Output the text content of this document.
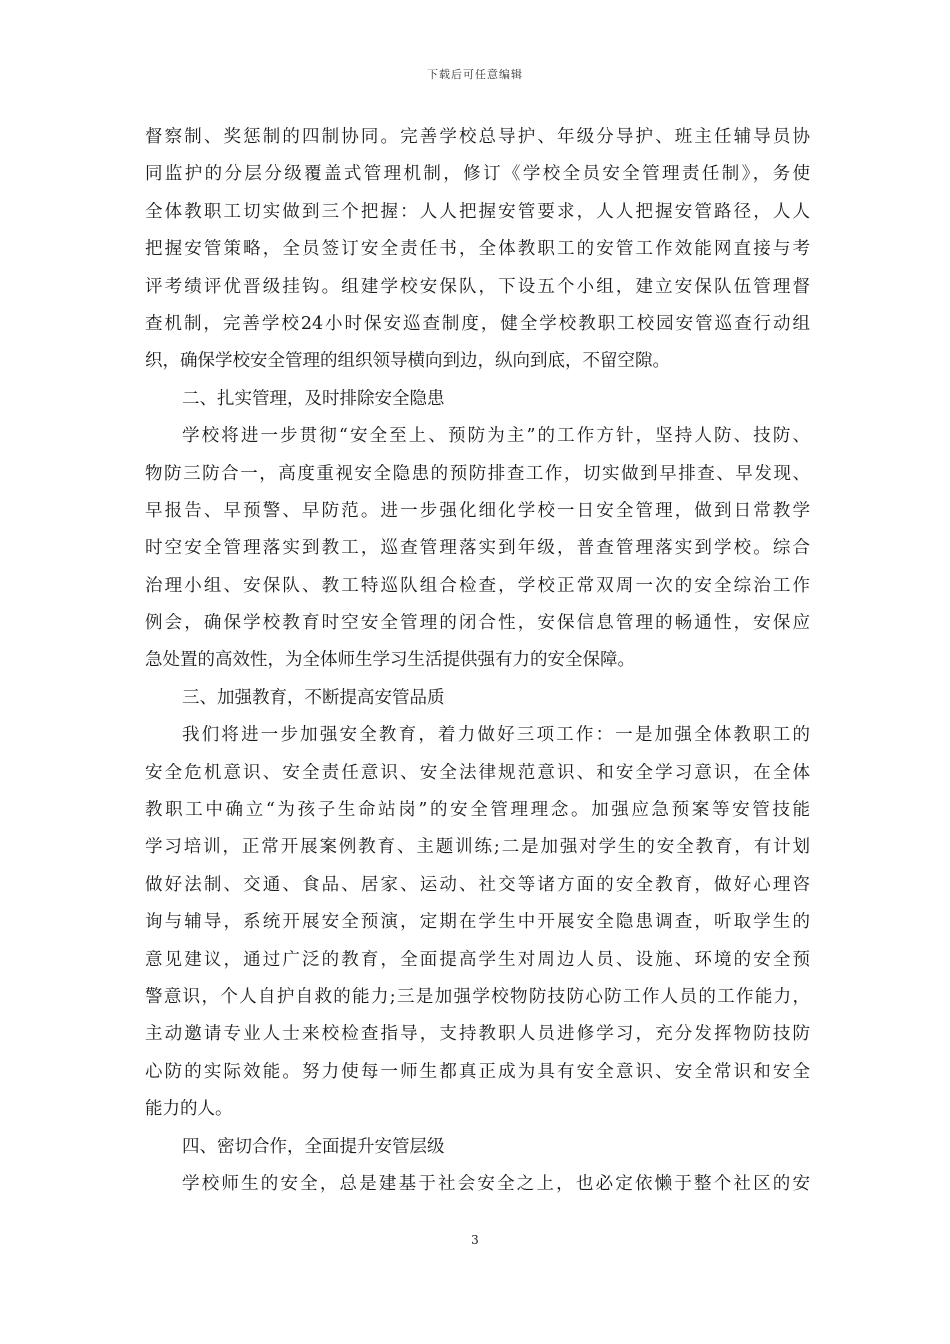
下载后可任意编辑
督察制、奖惩制的四制协同。完善学校总导护、年级分导护、班主任辅导员协
同监护的分层分级覆盖式管理机制，修订《学校全员安全管理责任制》，务使
全体教职工切实做到三个把握：人人把握安管要求，人人把握安管路径，人人
把握安管策略，全员签订安全责任书，全体教职工的安管工作效能网直接与考
评考绩评优晋级挂钩。组建学校安保队，下设五个小组，建立安保队伍管理督
查机制，完善学校24小时保安巡查制度，健全学校教职工校园安管巡查行动组
织，确保学校安全管理的组织领导横向到边，纵向到底，不留空隙。
二、扎实管理，及时排除安全隐患
学校将进一步贯彻“安全至上、预防为主”的工作方针，坚持人防、技防、
物防三防合一，高度重视安全隐患的预防排查工作，切实做到早排查、早发现、
早报告、早预警、早防范。进一步强化细化学校一日安全管理，做到日常教学
时空安全管理落实到教工，巡查管理落实到年级，普查管理落实到学校。综合
治理小组、安保队、教工特巡队组合检查，学校正常双周一次的安全综治工作
例会，确保学校教育时空安全管理的闭合性，安保信息管理的畅通性，安保应
急处置的高效性，为全体师生学习生活提供强有力的安全保障。
三、加强教育，不断提高安管品质
我们将进一步加强安全教育，着力做好三项工作：一是加强全体教职工的
安全危机意识、安全责任意识、安全法律规范意识、和安全学习意识，在全体
教职工中确立“为孩子生命站岗”的安全管理理念。加强应急预案等安管技能
学习培训，正常开展案例教育、主题训练;二是加强对学生的安全教育，有计划
做好法制、交通、食品、居家、运动、社交等诸方面的安全教育，做好心理咨
询与辅导，系统开展安全预演，定期在学生中开展安全隐患调查，听取学生的
意见建议，通过广泛的教育，全面提高学生对周边人员、设施、环境的安全预
警意识，个人自护自救的能力;三是加强学校物防技防心防工作人员的工作能力，
主动邀请专业人士来校检查指导，支持教职人员进修学习，充分发挥物防技防
心防的实际效能。努力使每一师生都真正成为具有安全意识、安全常识和安全
能力的人。
四、密切合作，全面提升安管层级
学校师生的安全，总是建基于社会安全之上，也必定依懒于整个社区的安
3
